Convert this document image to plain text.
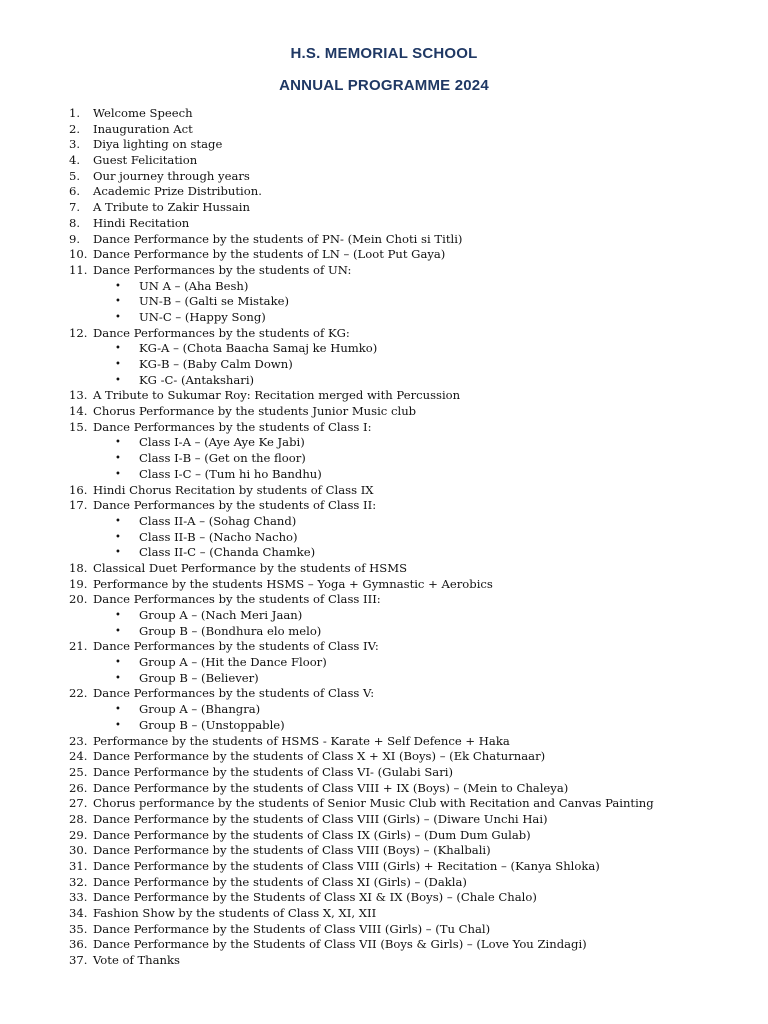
H.S. MEMORIAL SCHOOL
ANNUAL PROGRAMME 2024
1. Welcome Speech
2. Inauguration Act
3. Diya lighting on stage
4. Guest Felicitation
5. Our journey through years
6. Academic Prize Distribution.
7. A Tribute to Zakir Hussain
8. Hindi Recitation
9. Dance Performance by the students of PN- (Mein Choti si Titli)
10. Dance Performance by the students of LN – (Loot Put Gaya)
11. Dance Performances by the students of UN:
• UN A – (Aha Besh)
• UN-B – (Galti se Mistake)
• UN-C – (Happy Song)
12. Dance Performances by the students of KG:
• KG-A – (Chota Baacha Samaj ke Humko)
• KG-B – (Baby Calm Down)
• KG -C- (Antakshari)
13. A Tribute to Sukumar Roy: Recitation merged with Percussion
14. Chorus Performance by the students Junior Music club
15. Dance Performances by the students of Class I:
• Class I-A – (Aye Aye Ke Jabi)
• Class I-B – (Get on the floor)
• Class I-C – (Tum hi ho Bandhu)
16. Hindi Chorus Recitation by students of Class IX
17. Dance Performances by the students of Class II:
• Class II-A – (Sohag Chand)
• Class II-B – (Nacho Nacho)
• Class II-C – (Chanda Chamke)
18. Classical Duet Performance by the students of HSMS
19. Performance by the students HSMS – Yoga + Gymnastic + Aerobics
20. Dance Performances by the students of Class III:
• Group A – (Nach Meri Jaan)
• Group B – (Bondhura elo melo)
21. Dance Performances by the students of Class IV:
• Group A – (Hit the Dance Floor)
• Group B – (Believer)
22. Dance Performances by the students of Class V:
• Group A – (Bhangra)
• Group B – (Unstoppable)
23. Performance by the students of HSMS - Karate + Self Defence + Haka
24. Dance Performance by the students of Class X + XI (Boys) – (Ek Chaturnaar)
25. Dance Performance by the students of Class VI- (Gulabi Sari)
26. Dance Performance by the students of Class VIII + IX (Boys) – (Mein to Chaleya)
27. Chorus performance by the students of Senior Music Club with Recitation and Canvas Painting
28. Dance Performance by the students of Class VIII (Girls) – (Diware Unchi Hai)
29. Dance Performance by the students of Class IX (Girls) – (Dum Dum Gulab)
30. Dance Performance by the students of Class VIII (Boys) – (Khalbali)
31. Dance Performance by the students of Class VIII (Girls) + Recitation – (Kanya Shloka)
32. Dance Performance by the students of Class XI (Girls) – (Dakla)
33. Dance Performance by the Students of Class XI & IX (Boys) – (Chale Chalo)
34. Fashion Show by the students of Class X, XI, XII
35. Dance Performance by the Students of Class VIII (Girls) – (Tu Chal)
36. Dance Performance by the Students of Class VII (Boys & Girls) – (Love You Zindagi)
37. Vote of Thanks
